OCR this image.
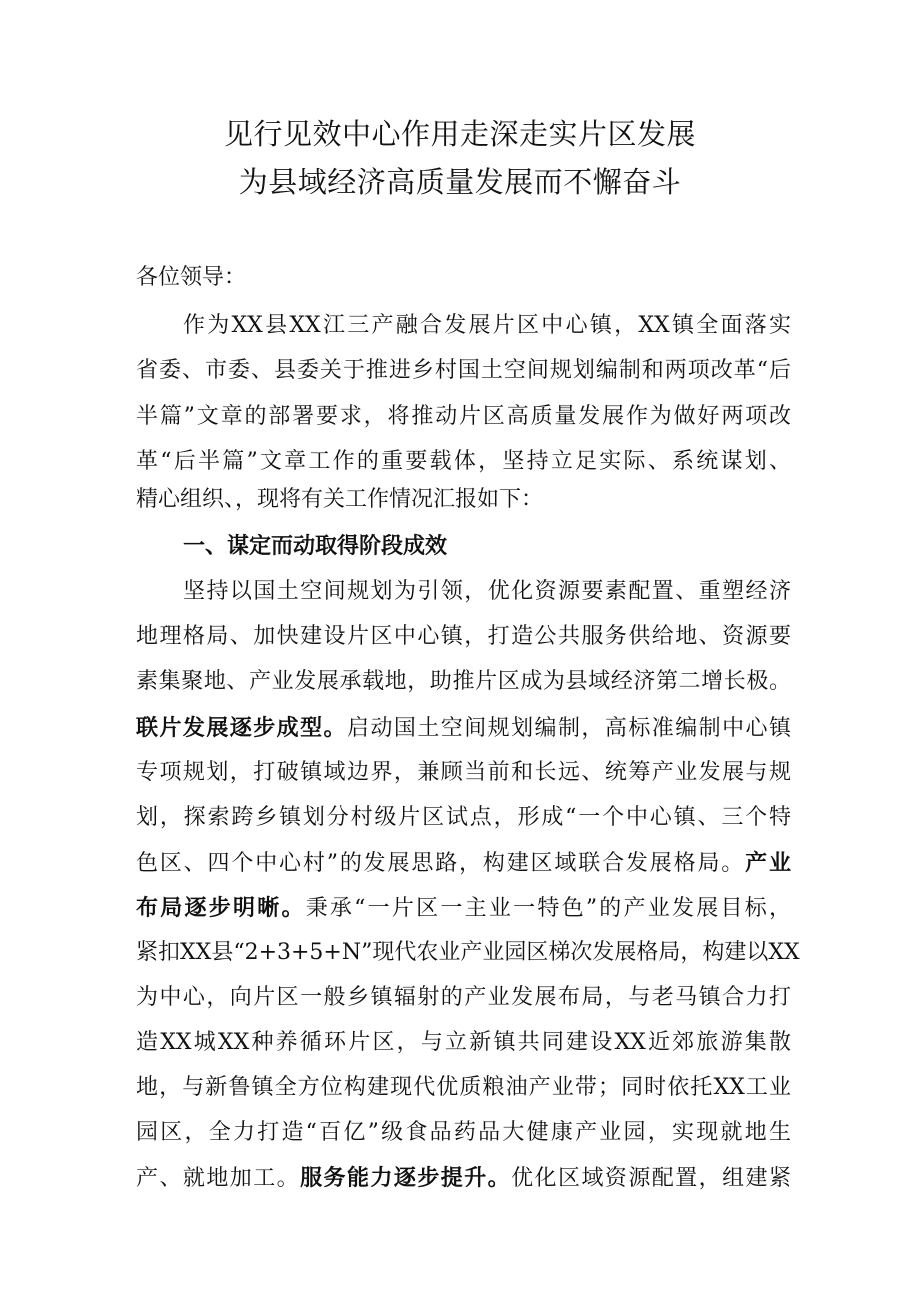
见行见效中心作用走深走实片区发展
为县域经济高质量发展而不懈奋斗
各位领导：
作为XX县XX江三产融合发展片区中心镇，XX镇全面落实
省委、市委、县委关于推进乡村国土空间规划编制和两项改革“后
半篇”文章的部署要求，将推动片区高质量发展作为做好两项改
革“后半篇”文章工作的重要载体，坚持立足实际、系统谋划、
精心组织、，现将有关工作情况汇报如下：
一、谋定而动取得阶段成效
坚持以国土空间规划为引领，优化资源要素配置、重塑经济
地理格局、加快建设片区中心镇，打造公共服务供给地、资源要
素集聚地、产业发展承载地，助推片区成为县域经济第二增长极。
联片发展逐步成型。启动国土空间规划编制，高标准编制中心镇
专项规划，打破镇域边界，兼顾当前和长远、统筹产业发展与规
划，探索跨乡镇划分村级片区试点，形成“一个中心镇、三个特
色区、四个中心村”的发展思路，构建区域联合发展格局。产业
布局逐步明晰。秉承“一片区一主业一特色”的产业发展目标，
紧扣XX县“2+3+5+N”现代农业产业园区梯次发展格局，构建以XX
为中心，向片区一般乡镇辐射的产业发展布局，与老马镇合力打
造XX城XX种养循环片区，与立新镇共同建设XX近郊旅游集散
地，与新鲁镇全方位构建现代优质粮油产业带；同时依托XX工业
园区，全力打造“百亿”级食品药品大健康产业园，实现就地生
产、就地加工。服务能力逐步提升。优化区域资源配置，组建紧
